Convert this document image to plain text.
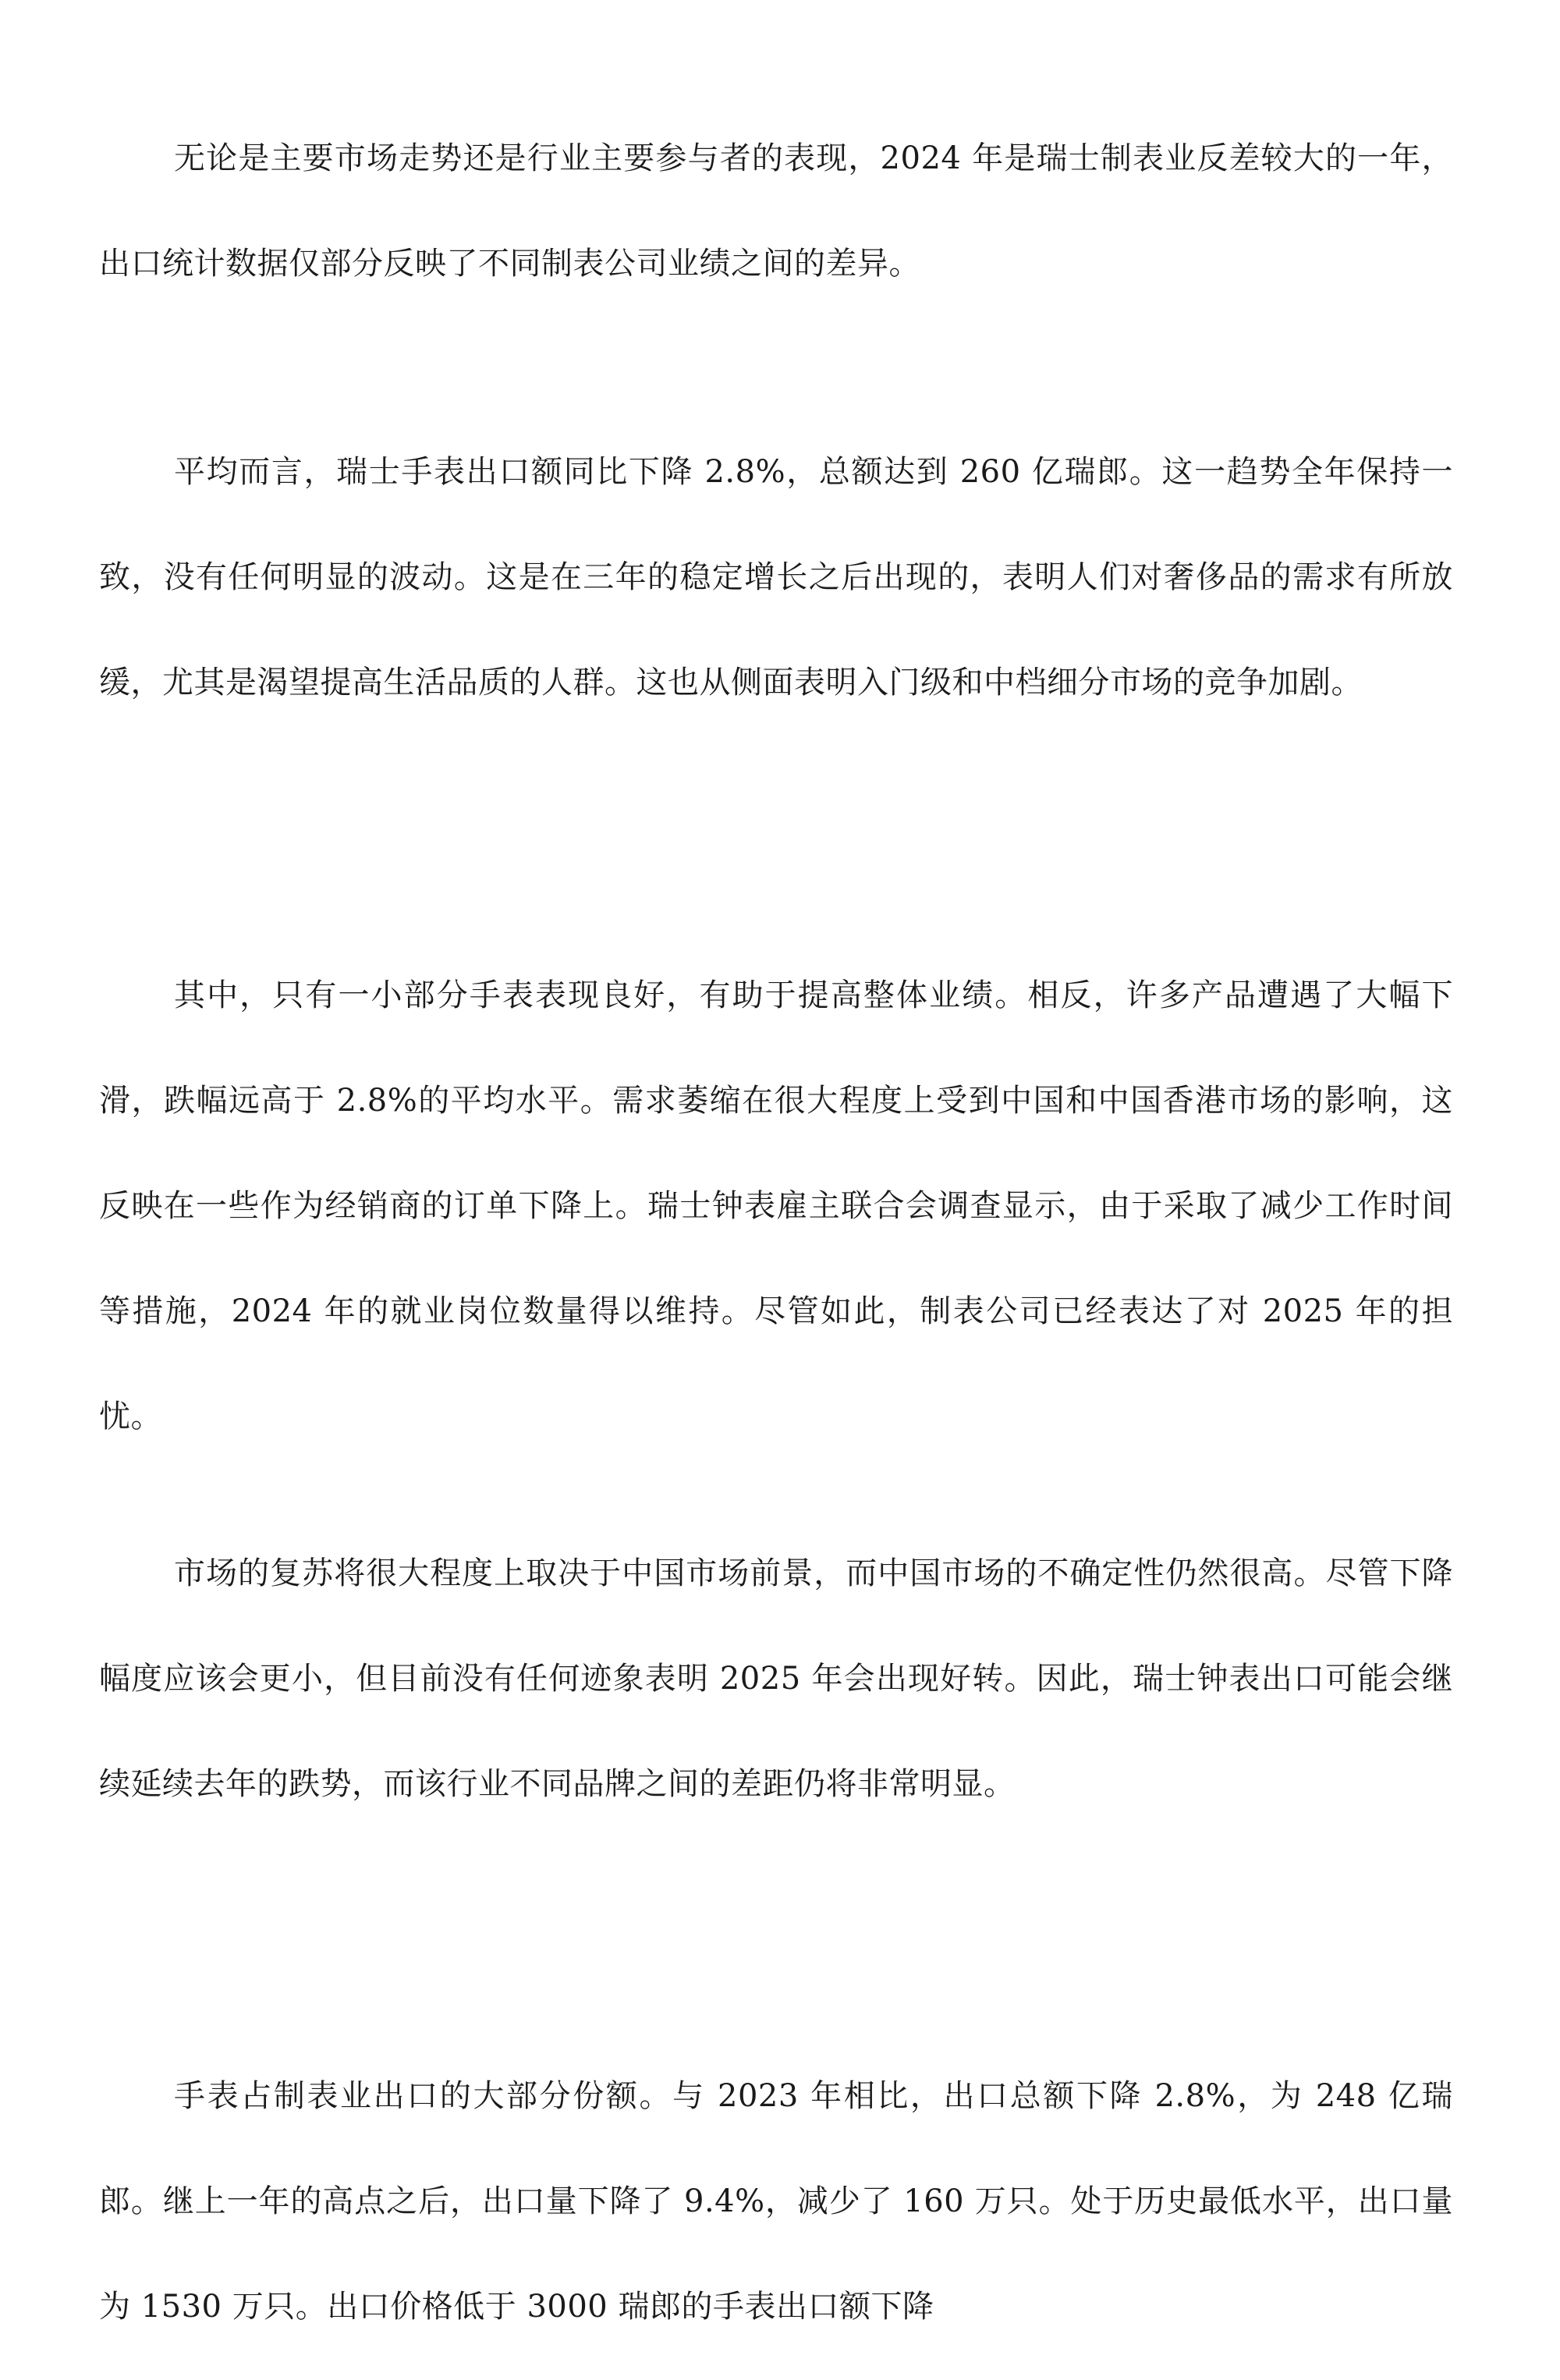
无论是主要市场走势还是行业主要参与者的表现，2024 年是瑞士制表业反差较大的一年，出口统计数据仅部分反映了不同制表公司业绩之间的差异。

平均而言，瑞士手表出口额同比下降 2.8%，总额达到 260 亿瑞郎。这一趋势全年保持一致，没有任何明显的波动。这是在三年的稳定增长之后出现的，表明人们对奢侈品的需求有所放缓，尤其是渴望提高生活品质的人群。这也从侧面表明入门级和中档细分市场的竞争加剧。

其中，只有一小部分手表表现良好，有助于提高整体业绩。相反，许多产品遭遇了大幅下滑，跌幅远高于 2.8%的平均水平。需求萎缩在很大程度上受到中国和中国香港市场的影响，这反映在一些作为经销商的订单下降上。瑞士钟表雇主联合会调查显示，由于采取了减少工作时间等措施，2024 年的就业岗位数量得以维持。尽管如此，制表公司已经表达了对 2025 年的担忧。

市场的复苏将很大程度上取决于中国市场前景，而中国市场的不确定性仍然很高。尽管下降幅度应该会更小，但目前没有任何迹象表明 2025 年会出现好转。因此，瑞士钟表出口可能会继续延续去年的跌势，而该行业不同品牌之间的差距仍将非常明显。

手表占制表业出口的大部分份额。与 2023 年相比，出口总额下降 2.8%，为 248 亿瑞郎。继上一年的高点之后，出口量下降了 9.4%，减少了 160 万只。处于历史最低水平，出口量为 1530 万只。出口价格低于 3000 瑞郎的手表出口额下降
